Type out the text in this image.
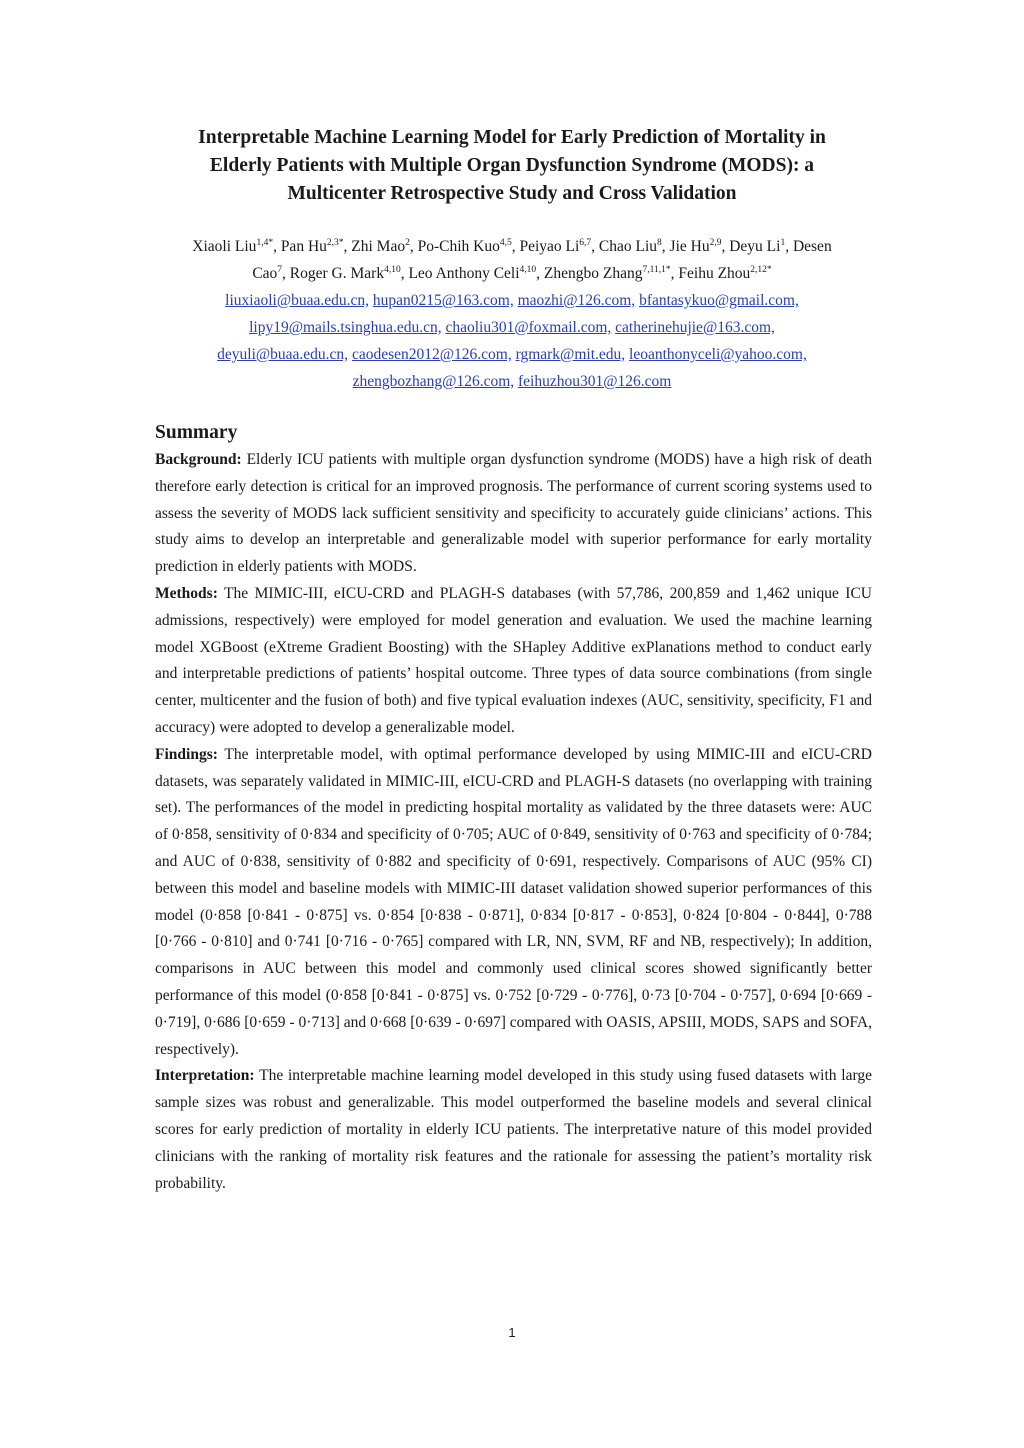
Interpretable Machine Learning Model for Early Prediction of Mortality in
Elderly Patients with Multiple Organ Dysfunction Syndrome (MODS): a
Multicenter Retrospective Study and Cross Validation
Xiaoli Liu$^{1,4*}$, Pan $Hu^{2,3*}$, Zhi Mao$^2$, Po-Chih Kuo$^{4,5}$, Peiyao Li$^{6,7}$, Chao Liu$^8$, Jie Hu$^{2,9}$, Deyu Li$^1$, Desen
Cao$^7$, Roger G. Mark$^{4,10}$, Leo Anthony Celi$^{4,10}$, Zhengbo Zhang$^{7,11,1*}$, Feihu Zhou$^{2,12*}$
liuxiaoli@buaa.edu.cn, hupan0215@163.com, maozhi@126.com, bfantasykuo@gmail.com,
lipy19@mails.tsinghua.edu.cn, chaoliu301@foxmail.com, catherinehujie@163.com,
deyuli@buaa.edu.cn, caodesen2012@126.com, rgmark@mit.edu, leoanthonyceli@yahoo.com,
zhengbozhang@126.com, feihuzhou301@126.com
Summary

Background: Elderly ICU patients with multiple organ dysfunction syndrome (MODS) have a high risk of death therefore early detection is critical for an improved prognosis. The performance of current scoring systems used to assess the severity of MODS lack sufficient sensitivity and specificity to accurately guide clinicians’ actions. This study aims to develop an interpretable and generalizable model with superior performance for early mortality prediction in elderly patients with MODS.

Methods: The MIMIC-III, eICU-CRD and PLAGH-S databases (with 57,786, 200,859 and 1,462 unique ICU admissions, respectively) were employed for model generation and evaluation. We used the machine learning model XGBoost (eXtreme Gradient Boosting) with the SHapley Additive exPlanations method to conduct early and interpretable predictions of patients’ hospital outcome. Three types of data source combinations (from single center, multicenter and the fusion of both) and five typical evaluation indexes (AUC, sensitivity, specificity, F1 and accuracy) were adopted to develop a generalizable model.

Findings: The interpretable model, with optimal performance developed by using MIMIC-III and eICU-CRD datasets, was separately validated in MIMIC-III, eICU-CRD and PLAGH-S datasets (no overlapping with training set). The performances of the model in predicting hospital mortality as validated by the three datasets were: AUC of 0·858, sensitivity of 0·834 and specificity of 0·705; AUC of 0·849, sensitivity of 0·763 and specificity of 0·784; and AUC of 0·838, sensitivity of 0·882 and specificity of 0·691, respectively. Comparisons of AUC (95% CI) between this model and baseline models with MIMIC-III dataset validation showed superior performances of this model (0·858 [0·841 - 0·875] vs. 0·854 [0·838 - 0·871], 0·834 [0·817 - 0·853], 0·824 [0·804 - 0·844], 0·788 [0·766 - 0·810] and 0·741 [0·716 - 0·765] compared with LR, NN, SVM, RF and NB, respectively); In addition, comparisons in AUC between this model and commonly used clinical scores showed significantly better performance of this model (0·858 [0·841 - 0·875] vs. 0·752 [0·729 - 0·776], 0·73 [0·704 - 0·757], 0·694 [0·669 - 0·719], 0·686 [0·659 - 0·713] and 0·668 [0·639 - 0·697] compared with OASIS, APSIII, MODS, SAPS and SOFA, respectively).

Interpretation: The interpretable machine learning model developed in this study using fused datasets with large sample sizes was robust and generalizable. This model outperformed the baseline models and several clinical scores for early prediction of mortality in elderly ICU patients. The interpretative nature of this model provided clinicians with the ranking of mortality risk features and the rationale for assessing the patient’s mortality risk probability.

1
